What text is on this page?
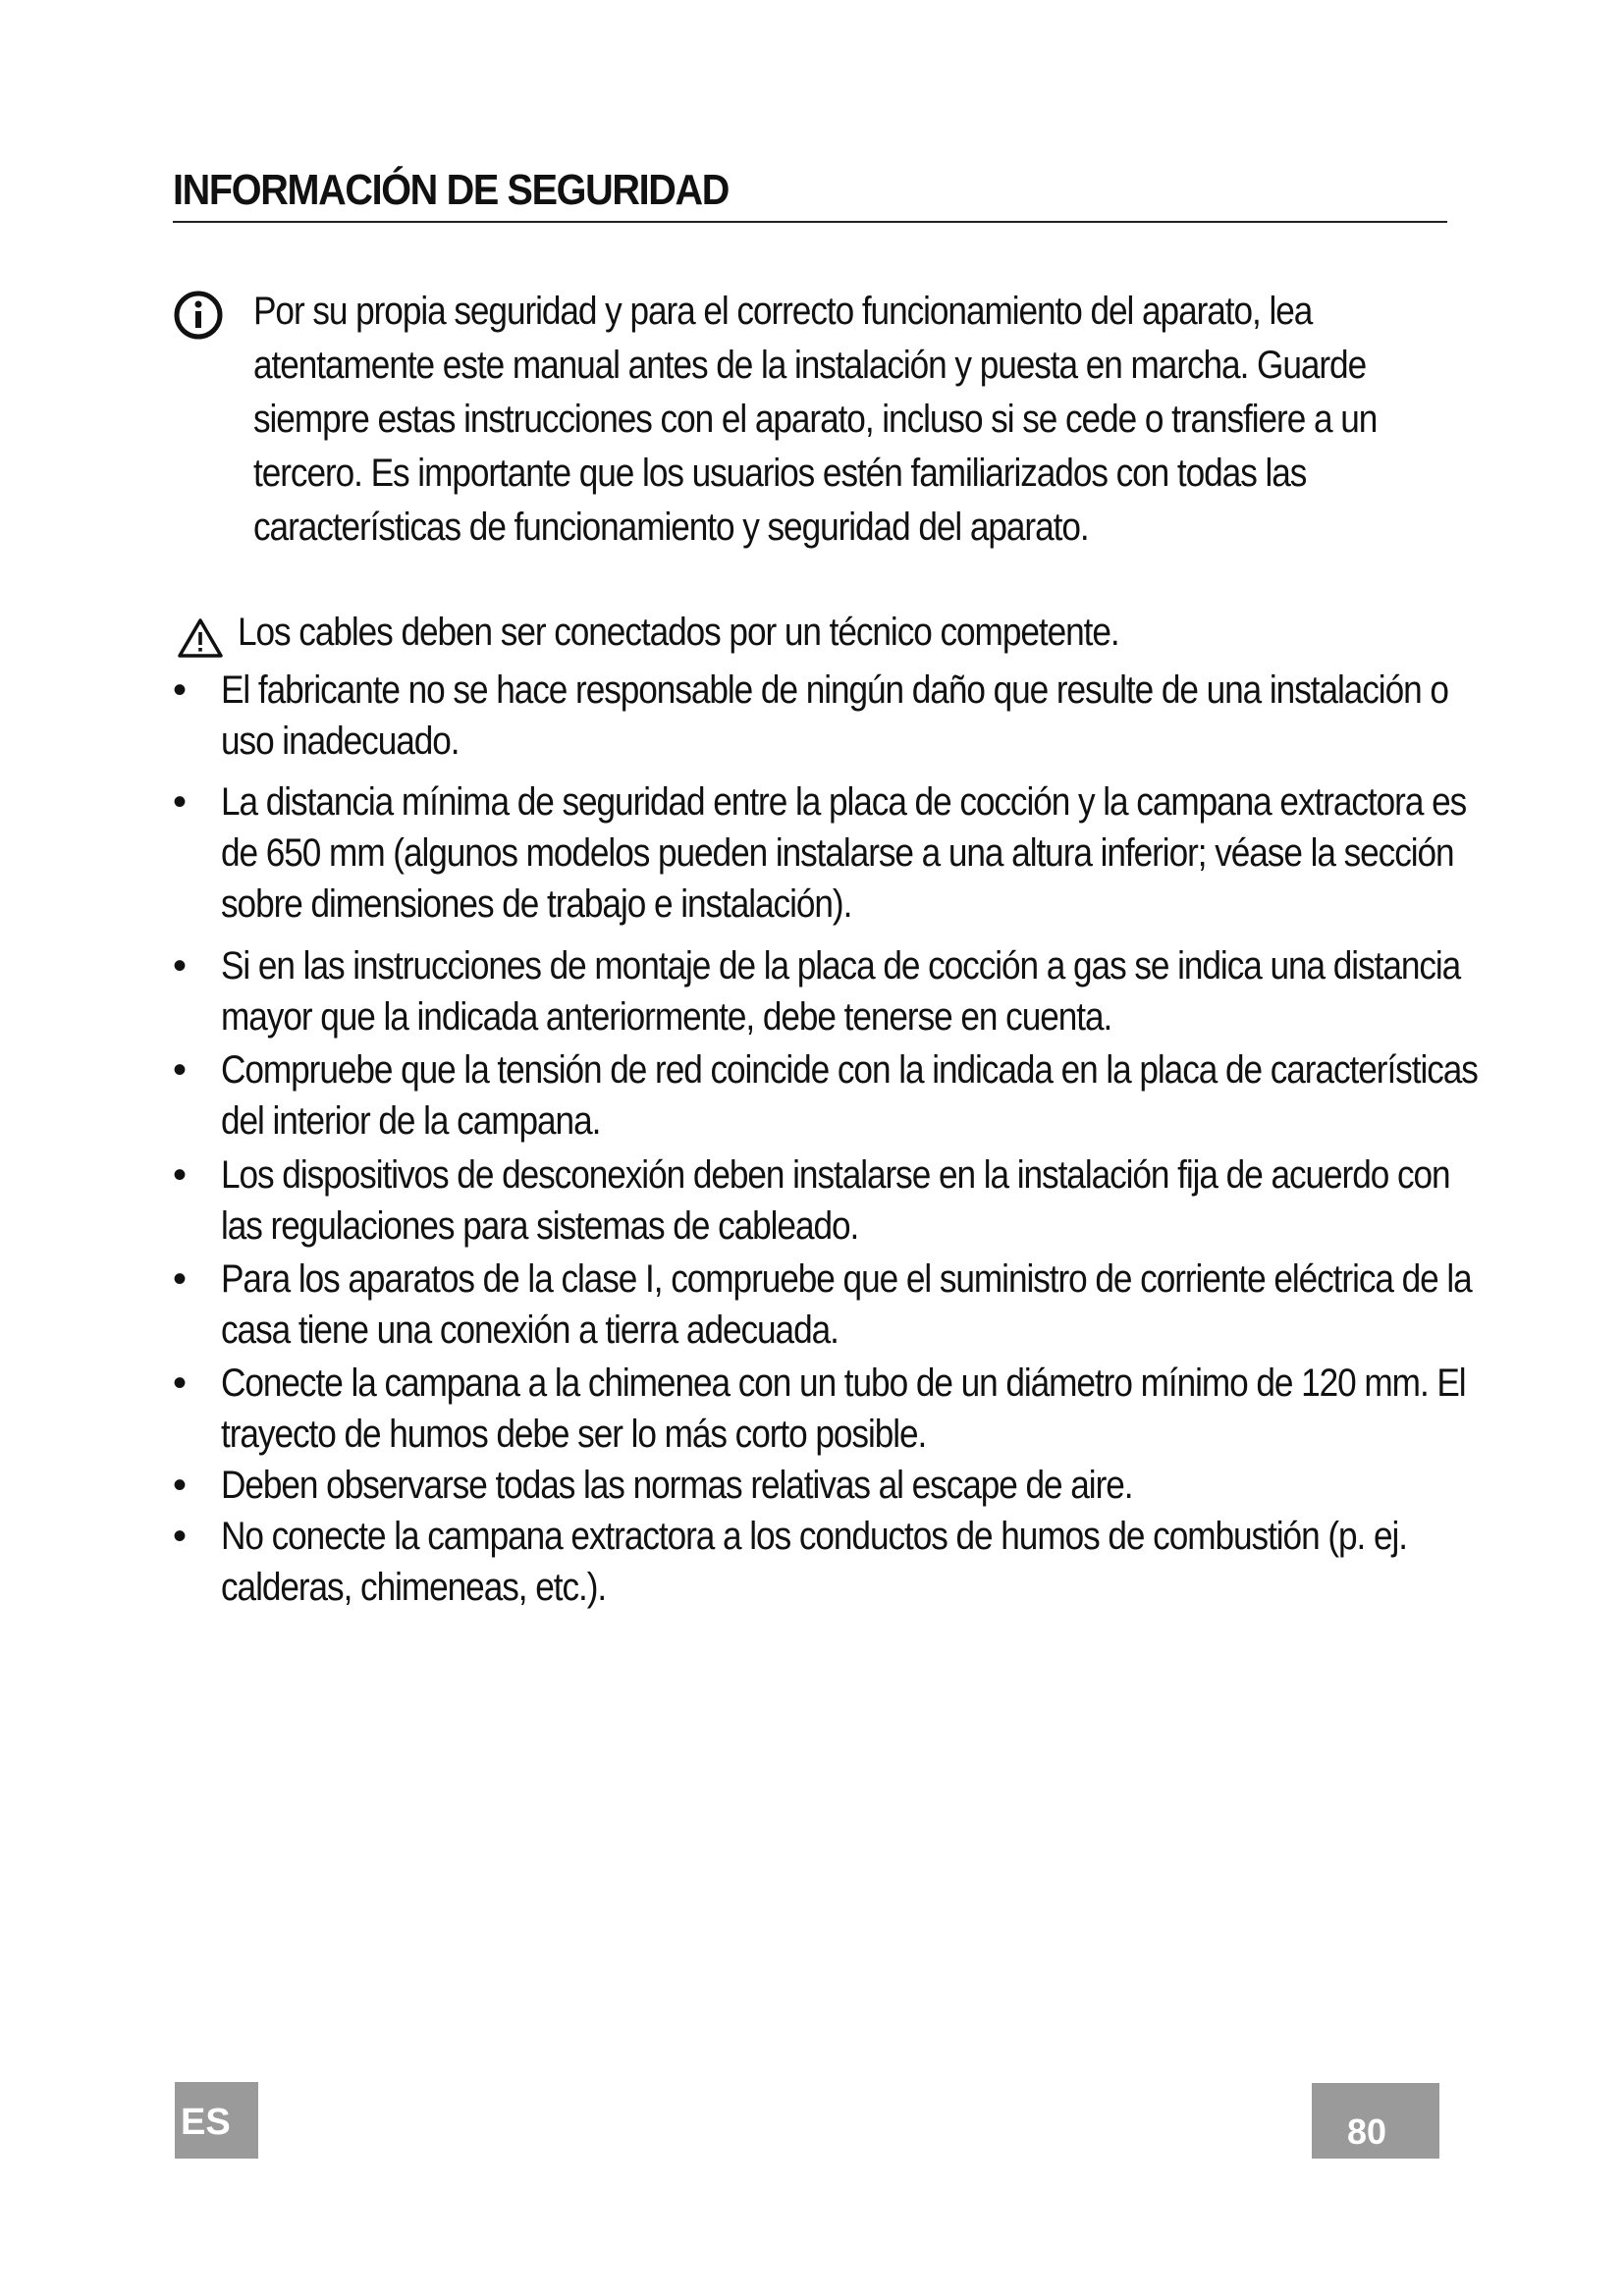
INFORMACIÓN DE SEGURIDAD
Por su propia seguridad y para el correcto funcionamiento del aparato, lea atentamente este manual antes de la instalación y puesta en marcha. Guarde siempre estas instrucciones con el aparato, incluso si se cede o transfiere a un tercero. Es importante que los usuarios estén familiarizados con todas las características de funcionamiento y seguridad del aparato.
Los cables deben ser conectados por un técnico competente.
• El fabricante no se hace responsable de ningún daño que resulte de una instalación o uso inadecuado.
• La distancia mínima de seguridad entre la placa de cocción y la campana extractora es de 650 mm (algunos modelos pueden instalarse a una altura inferior; véase la sección sobre dimensiones de trabajo e instalación).
• Si en las instrucciones de montaje de la placa de cocción a gas se indica una distancia mayor que la indicada anteriormente, debe tenerse en cuenta.
• Compruebe que la tensión de red coincide con la indicada en la placa de características del interior de la campana.
• Los dispositivos de desconexión deben instalarse en la instalación fija de acuerdo con las regulaciones para sistemas de cableado.
• Para los aparatos de la clase I, compruebe que el suministro de corriente eléctrica de la casa tiene una conexión a tierra adecuada.
• Conecte la campana a la chimenea con un tubo de un diámetro mínimo de 120 mm. El trayecto de humos debe ser lo más corto posible.
• Deben observarse todas las normas relativas al escape de aire.
• No conecte la campana extractora a los conductos de humos de combustión (p. ej. calderas, chimeneas, etc.).
ES	80
